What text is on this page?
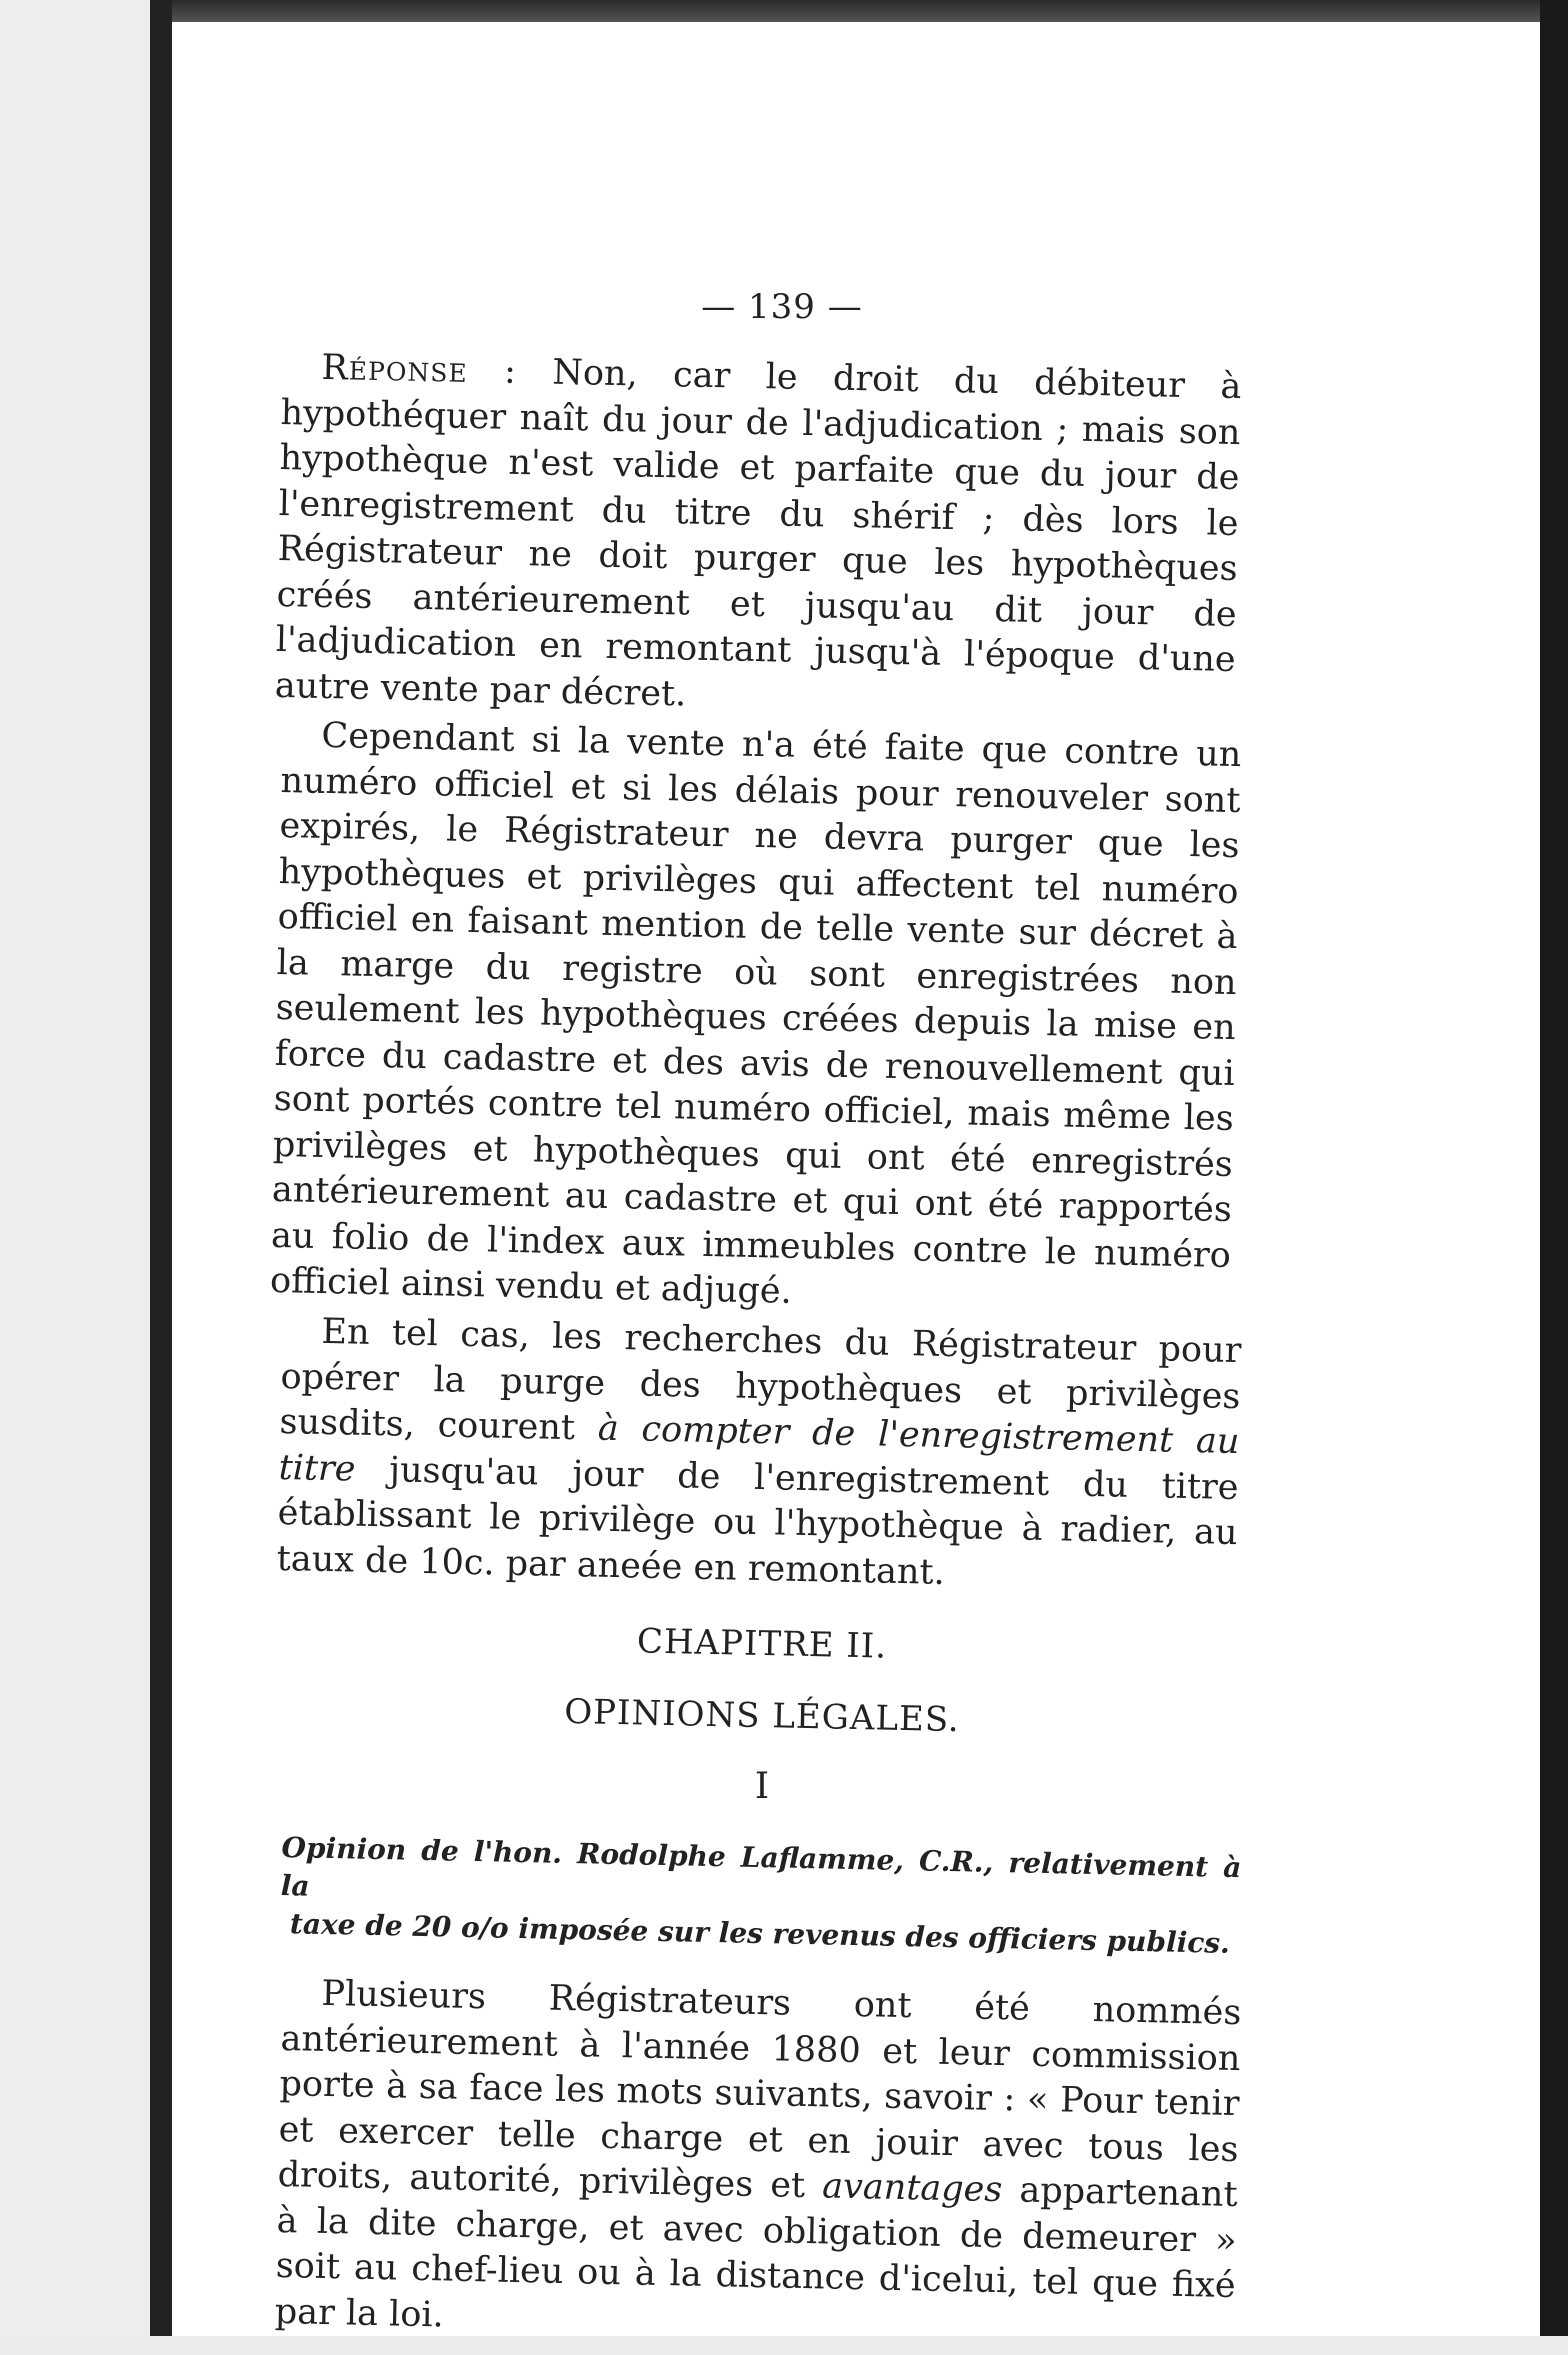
— 139 —

Réponse : Non, car le droit du débiteur à hypothéquer naît du jour de l'adjudication ; mais son hypothèque n'est valide et parfaite que du jour de l'enregistrement du titre du shérif ; dès lors le Régistrateur ne doit purger que les hypothèques créés antérieurement et jusqu'au dit jour de l'adjudication en remontant jusqu'à l'époque d'une autre vente par décret.

Cependant si la vente n'a été faite que contre un numéro officiel et si les délais pour renouveler sont expirés, le Régistrateur ne devra purger que les hypothèques et privilèges qui affectent tel numéro officiel en faisant mention de telle vente sur décret à la marge du registre où sont enregistrées non seulement les hypothèques créées depuis la mise en force du cadastre et des avis de renouvellement qui sont portés contre tel numéro officiel, mais même les privilèges et hypothèques qui ont été enregistrés antérieurement au cadastre et qui ont été rapportés au folio de l'index aux immeubles contre le numéro officiel ainsi vendu et adjugé.

En tel cas, les recherches du Régistrateur pour opérer la purge des hypothèques et privilèges susdits, courent à compter de l'enregistrement au titre jusqu'au jour de l'enregistrement du titre établissant le privilège ou l'hypothèque à radier, au taux de 10c. par aneée en remontant.

CHAPITRE II.
OPINIONS LÉGALES.
I
Opinion de l'hon. Rodolphe Laflamme, C.R., relativement à la
taxe de 20 o/o imposée sur les revenus des officiers publics.

Plusieurs Régistrateurs ont été nommés antérieurement à l'année 1880 et leur commission porte à sa face les mots suivants, savoir : « Pour tenir et exercer telle charge et en jouir avec tous les droits, autorité, privilèges et avantages appartenant à la dite charge, et avec obligation de demeurer » soit au chef-lieu ou à la distance d'icelui, tel que fixé par la loi.
